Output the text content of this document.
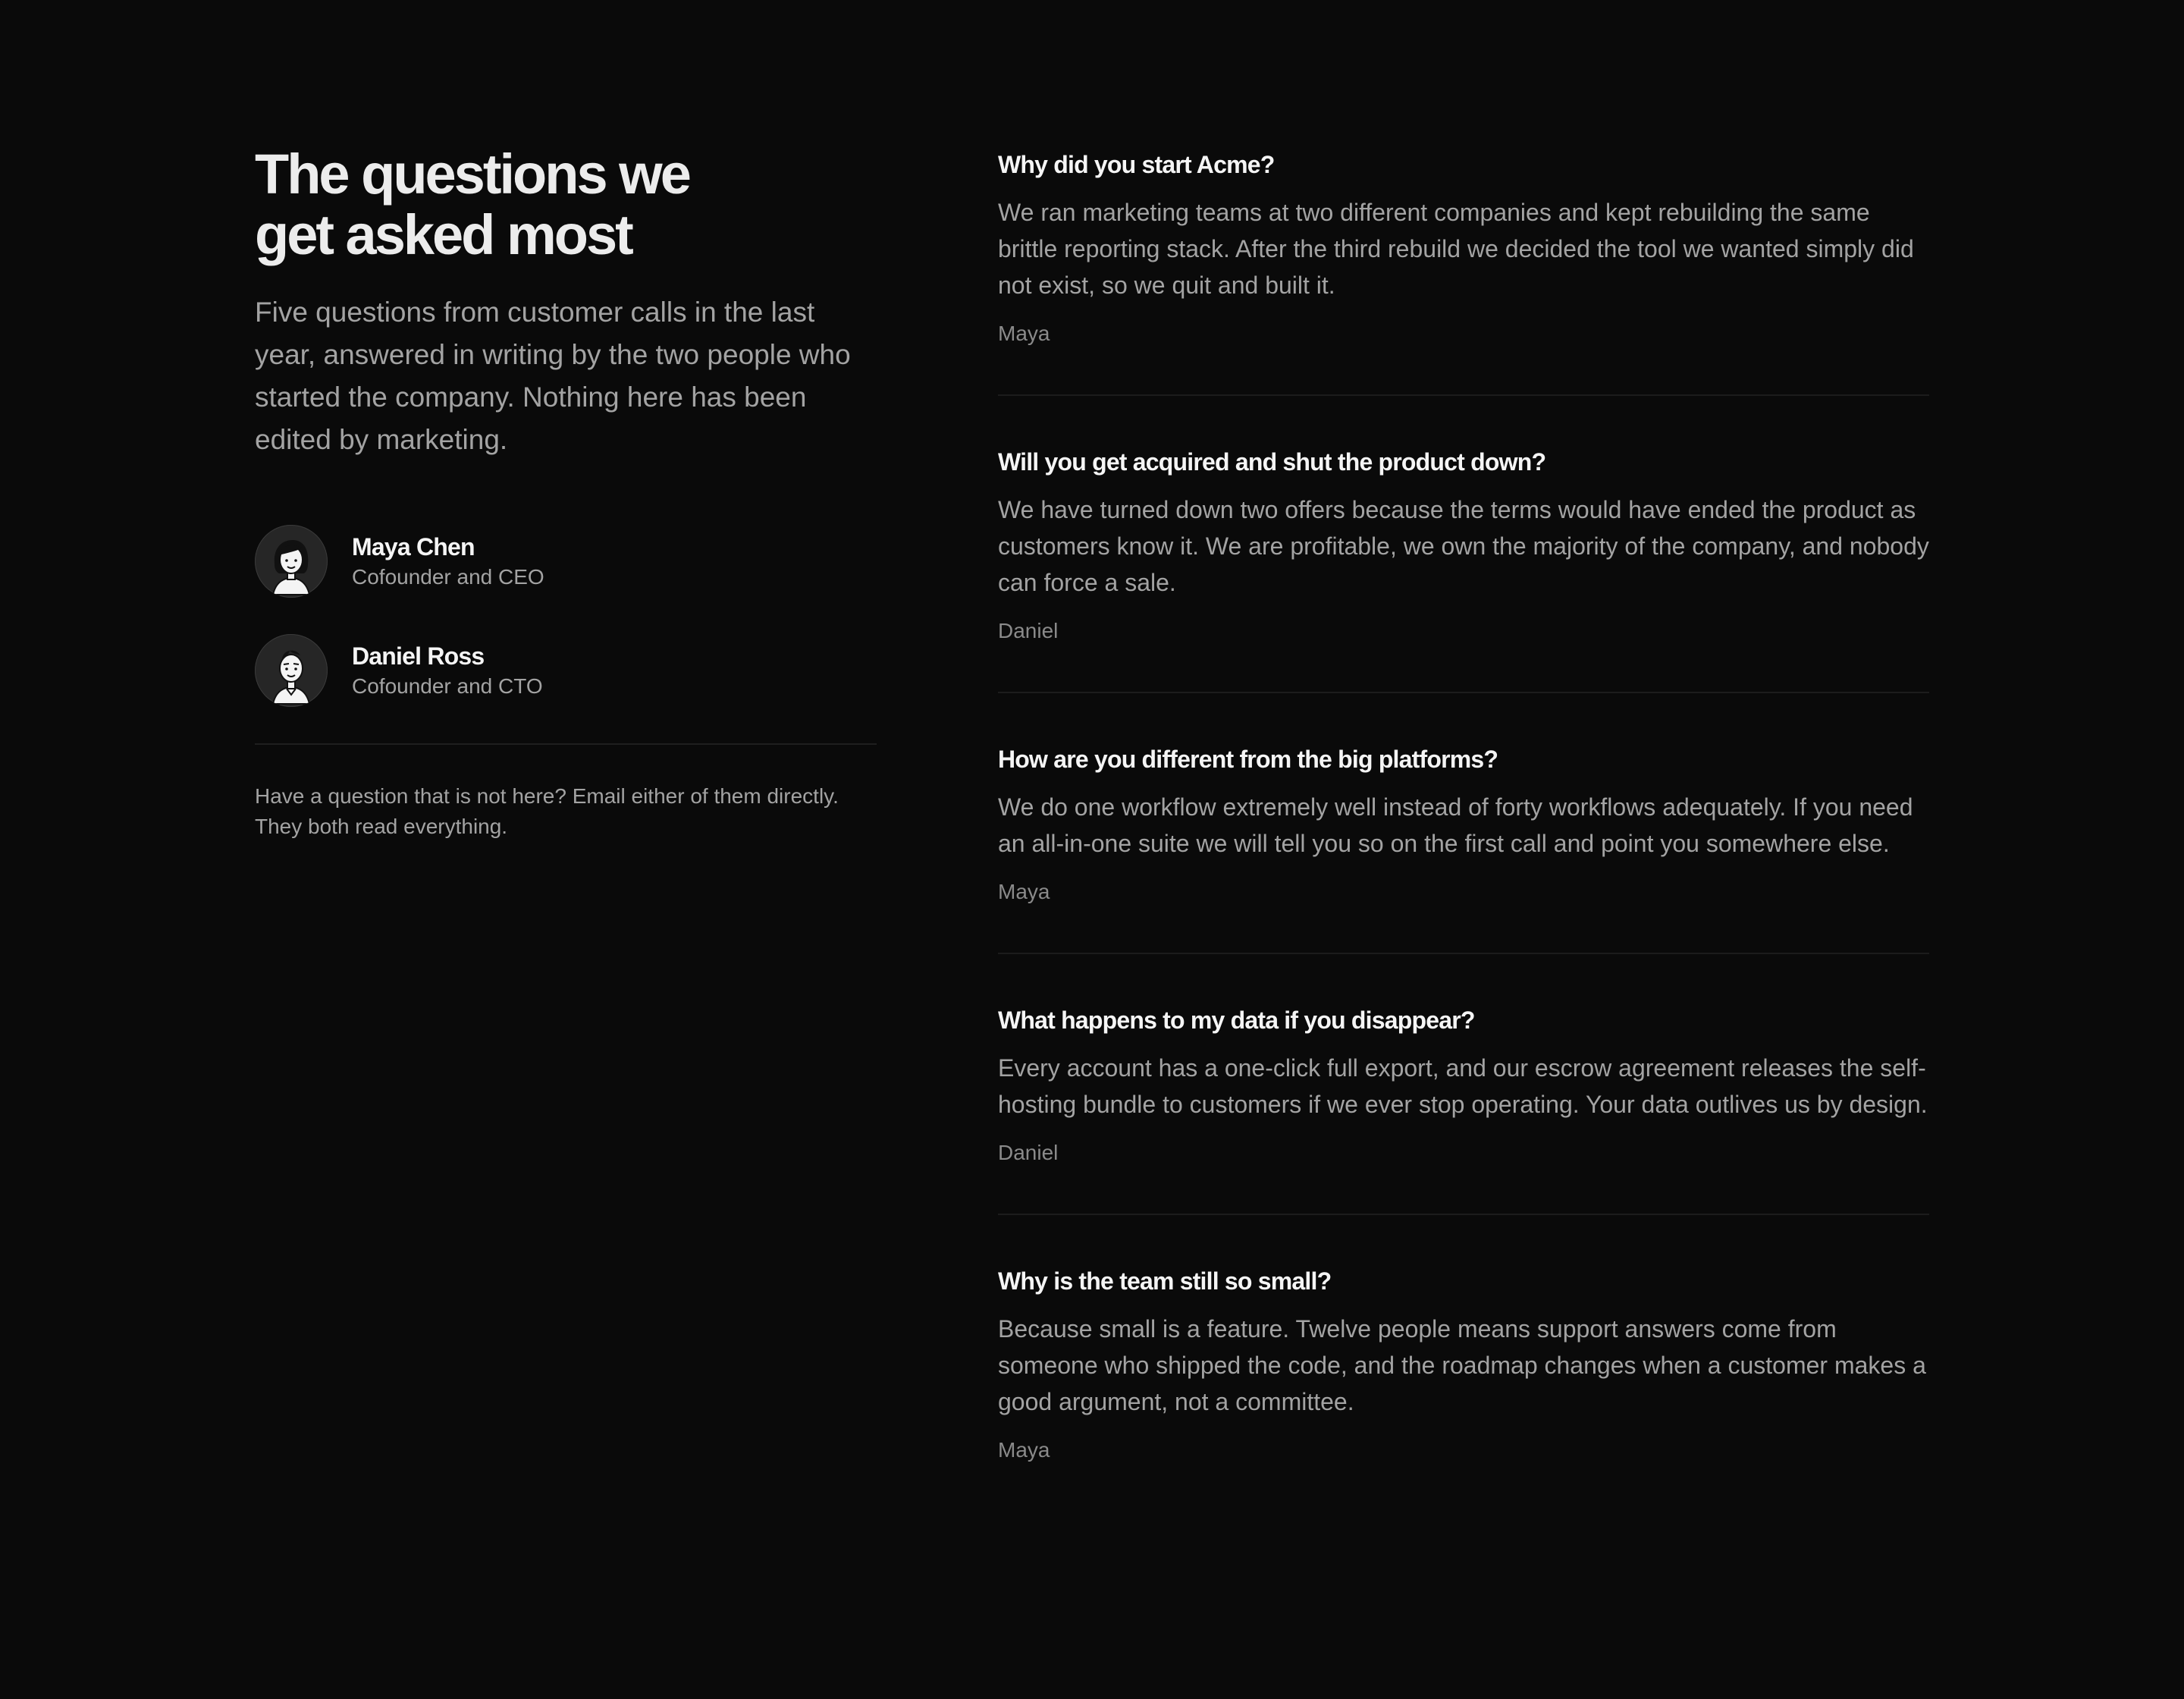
The questions we get asked most

Five questions from customer calls in the last year, answered in writing by the two people who started the company. Nothing here has been edited by marketing.

Maya Chen
Cofounder and CEO
Daniel Ross
Cofounder and CTO

Have a question that is not here? Email either of them directly. They both read everything.

Why did you start Acme?

We ran marketing teams at two different companies and kept rebuilding the same brittle reporting stack. After the third rebuild we decided the tool we wanted simply did not exist, so we quit and built it.

Maya
Will you get acquired and shut the product down?

We have turned down two offers because the terms would have ended the product as customers know it. We are profitable, we own the majority of the company, and nobody can force a sale.

Daniel
How are you different from the big platforms?

We do one workflow extremely well instead of forty workflows adequately. If you need an all-in-one suite we will tell you so on the first call and point you somewhere else.

Maya
What happens to my data if you disappear?

Every account has a one-click full export, and our escrow agreement releases the self-hosting bundle to customers if we ever stop operating. Your data outlives us by design.

Daniel
Why is the team still so small?

Because small is a feature. Twelve people means support answers come from someone who shipped the code, and the roadmap changes when a customer makes a good argument, not a committee.

Maya
